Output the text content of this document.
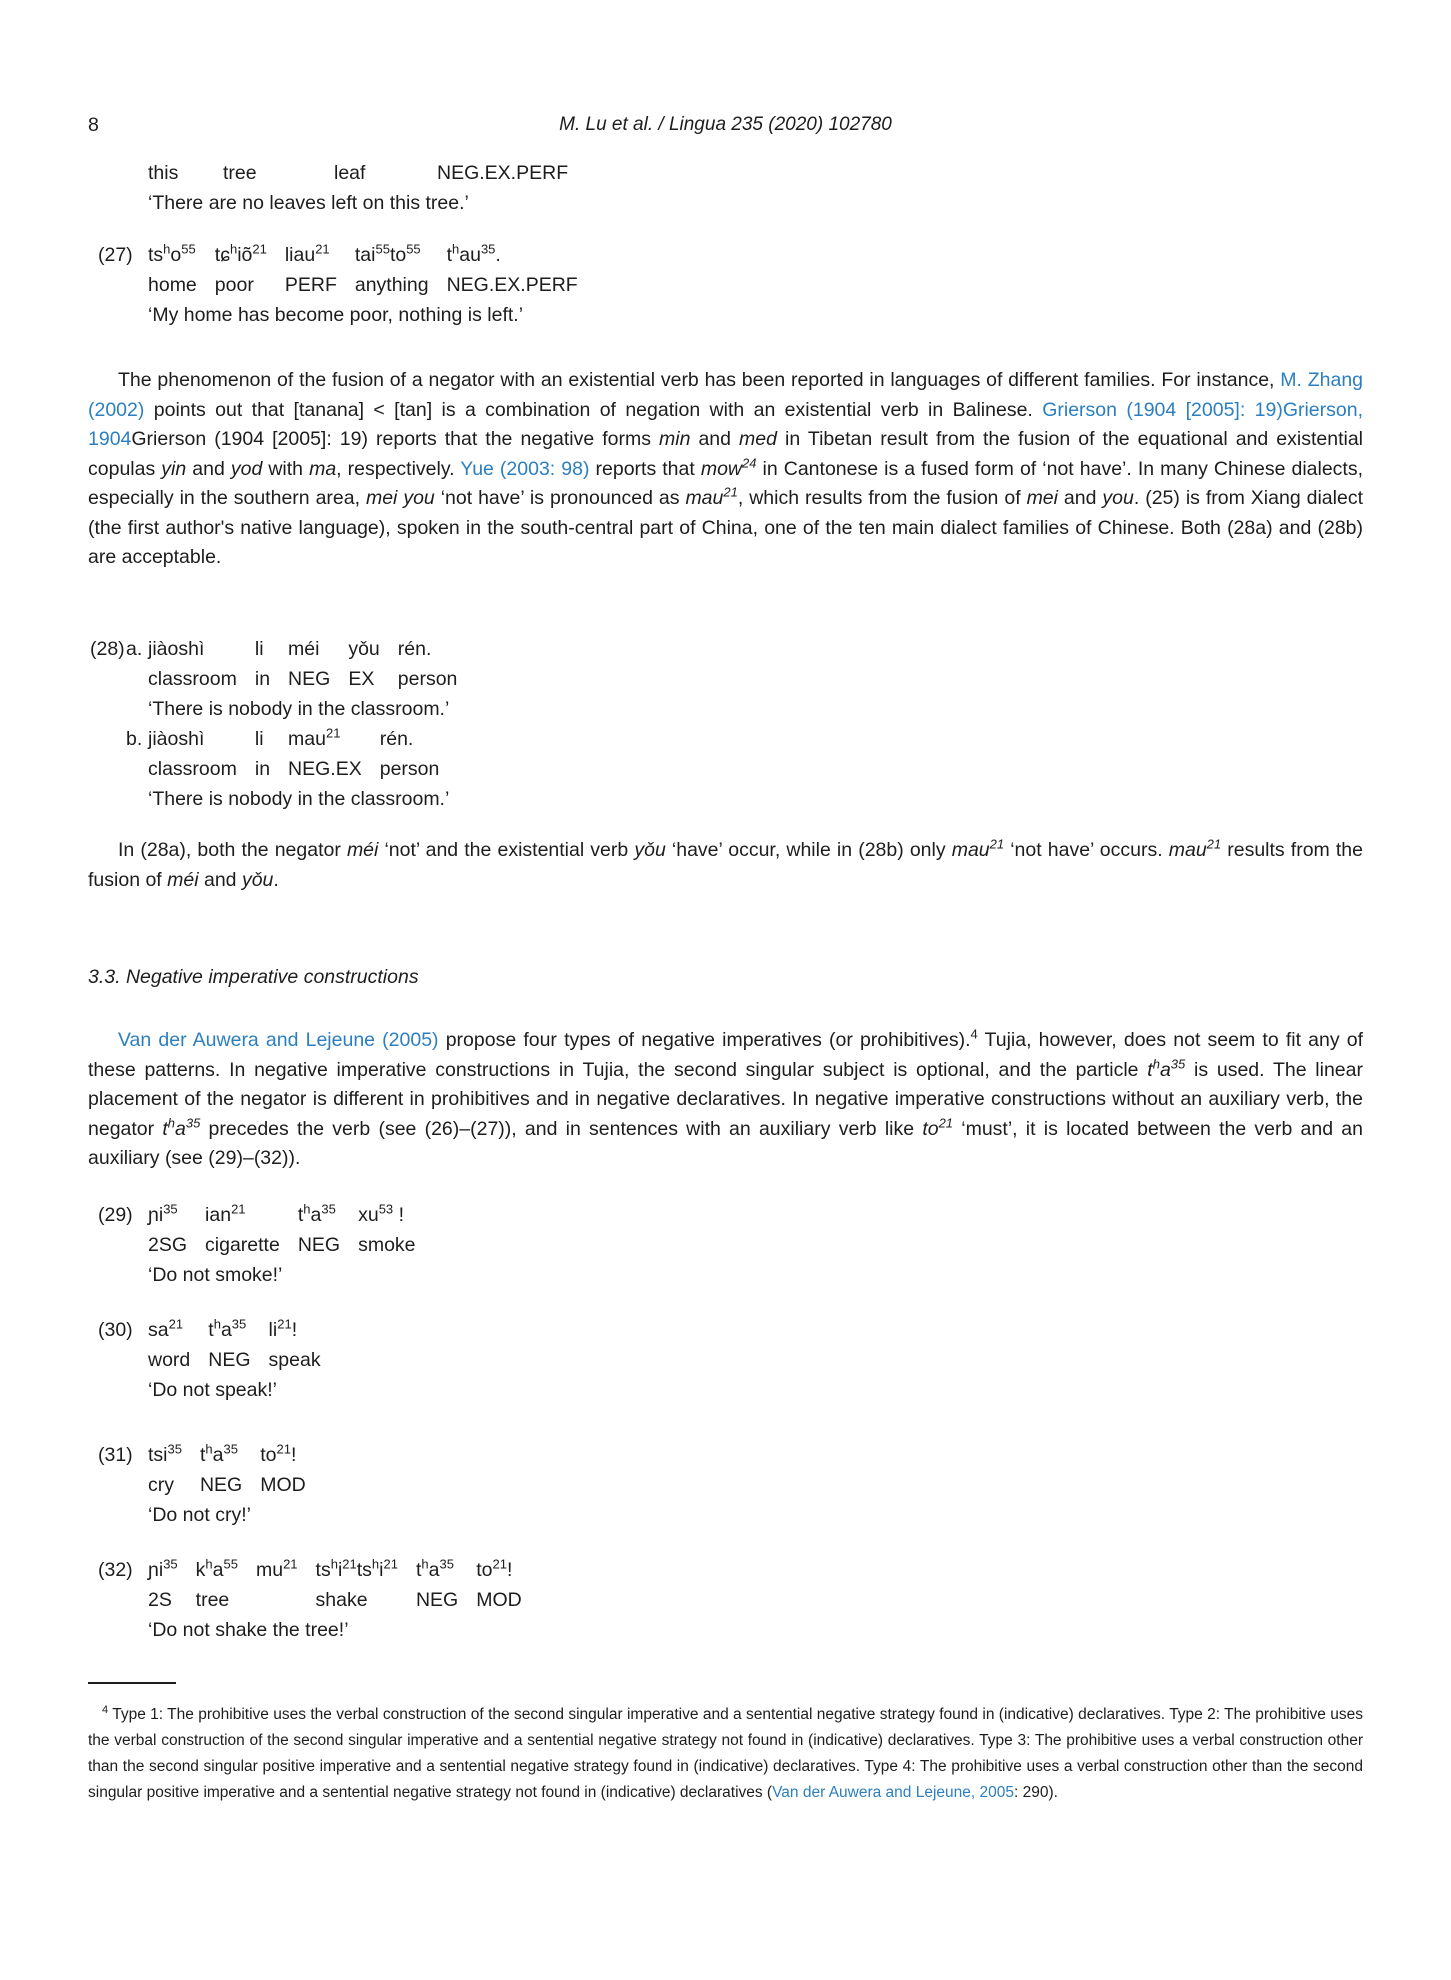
8	M. Lu et al. / Lingua 235 (2020) 102780
this	tree	leaf	NEG.EX.PERF
‘There are no leaves left on this tree.’
(27) $ts^ho^{55}$	$tɕ^hiõ^{21}$	liau$^{21}$	$tai^{55}to^{55}$	$t^hau^{35}$.
home	poor	PERF	anything	NEG.EX.PERF
‘My home has become poor, nothing is left.’

The phenomenon of the fusion of a negator with an existential verb has been reported in languages of different families. For instance, M. Zhang (2002) points out that [tanana] < [tan] is a combination of negation with an existential verb in Balinese. Grierson (1904 [2005]: 19)Grierson, 1904Grierson (1904 [2005]: 19) reports that the negative forms min and med in Tibetan result from the fusion of the equational and existential copulas yin and yod with ma, respectively. Yue (2003: 98) reports that mow$^{24}$ in Cantonese is a fused form of ‘not have’. In many Chinese dialects, especially in the southern area, mei you ‘not have’ is pronounced as mau$^{21}$, which results from the fusion of mei and you. (25) is from Xiang dialect (the first author's native language), spoken in the south-central part of China, one of the ten main dialect families of Chinese. Both (28a) and (28b) are acceptable.

(28) a. jiàoshì	li	méi	yǒu	rén.
classroom	in	NEG	EX	person
‘There is nobody in the classroom.’
b. jiàoshì	li	mau$^{21}$	rén.
classroom	in	NEG.EX	person
‘There is nobody in the classroom.’

In (28a), both the negator méi ‘not’ and the existential verb yǒu ‘have’ occur, while in (28b) only mau$^{21}$ ‘not have’ occurs. mau$^{21}$ results from the fusion of méi and yǒu.

3.3. Negative imperative constructions

Van der Auwera and Lejeune (2005) propose four types of negative imperatives (or prohibitives).$^4$ Tujia, however, does not seem to fit any of these patterns. In negative imperative constructions in Tujia, the second singular subject is optional, and the particle $t^ha^{35}$ is used. The linear placement of the negator is different in prohibitives and in negative declaratives. In negative imperative constructions without an auxiliary verb, the negator $t^ha^{35}$ precedes the verb (see (26)–(27)), and in sentences with an auxiliary verb like $to^{21}$ ‘must’, it is located between the verb and an auxiliary (see (29)–(32)).

(29) ɲi$^{35}$	ian$^{21}$	$t^ha^{35}$	$xu^{53}$ !
2SG	cigarette	NEG	smoke
‘Do not smoke!’
(30) $sa^{21}$	$t^ha^{35}$	$li^{21}$!
word	NEG	speak
‘Do not speak!’
(31) tsi$^{35}$	$t^ha^{35}$	$to^{21}$!
cry	NEG	MOD
‘Do not cry!’
(32) ɲi$^{35}$	$k^ha^{55}$	$mu^{21}$	$ts^hi^{21}ts^hi^{21}$	$t^ha^{35}$	$to^{21}$!
2S	tree		shake	NEG	MOD
‘Do not shake the tree!’
$^4$ Type 1: The prohibitive uses the verbal construction of the second singular imperative and a sentential negative strategy found in (indicative) declaratives. Type 2: The prohibitive uses the verbal construction of the second singular imperative and a sentential negative strategy not found in (indicative) declaratives. Type 3: The prohibitive uses a verbal construction other than the second singular positive imperative and a sentential negative strategy found in (indicative) declaratives. Type 4: The prohibitive uses a verbal construction other than the second singular positive imperative and a sentential negative strategy not found in (indicative) declaratives (Van der Auwera and Lejeune, 2005: 290).
